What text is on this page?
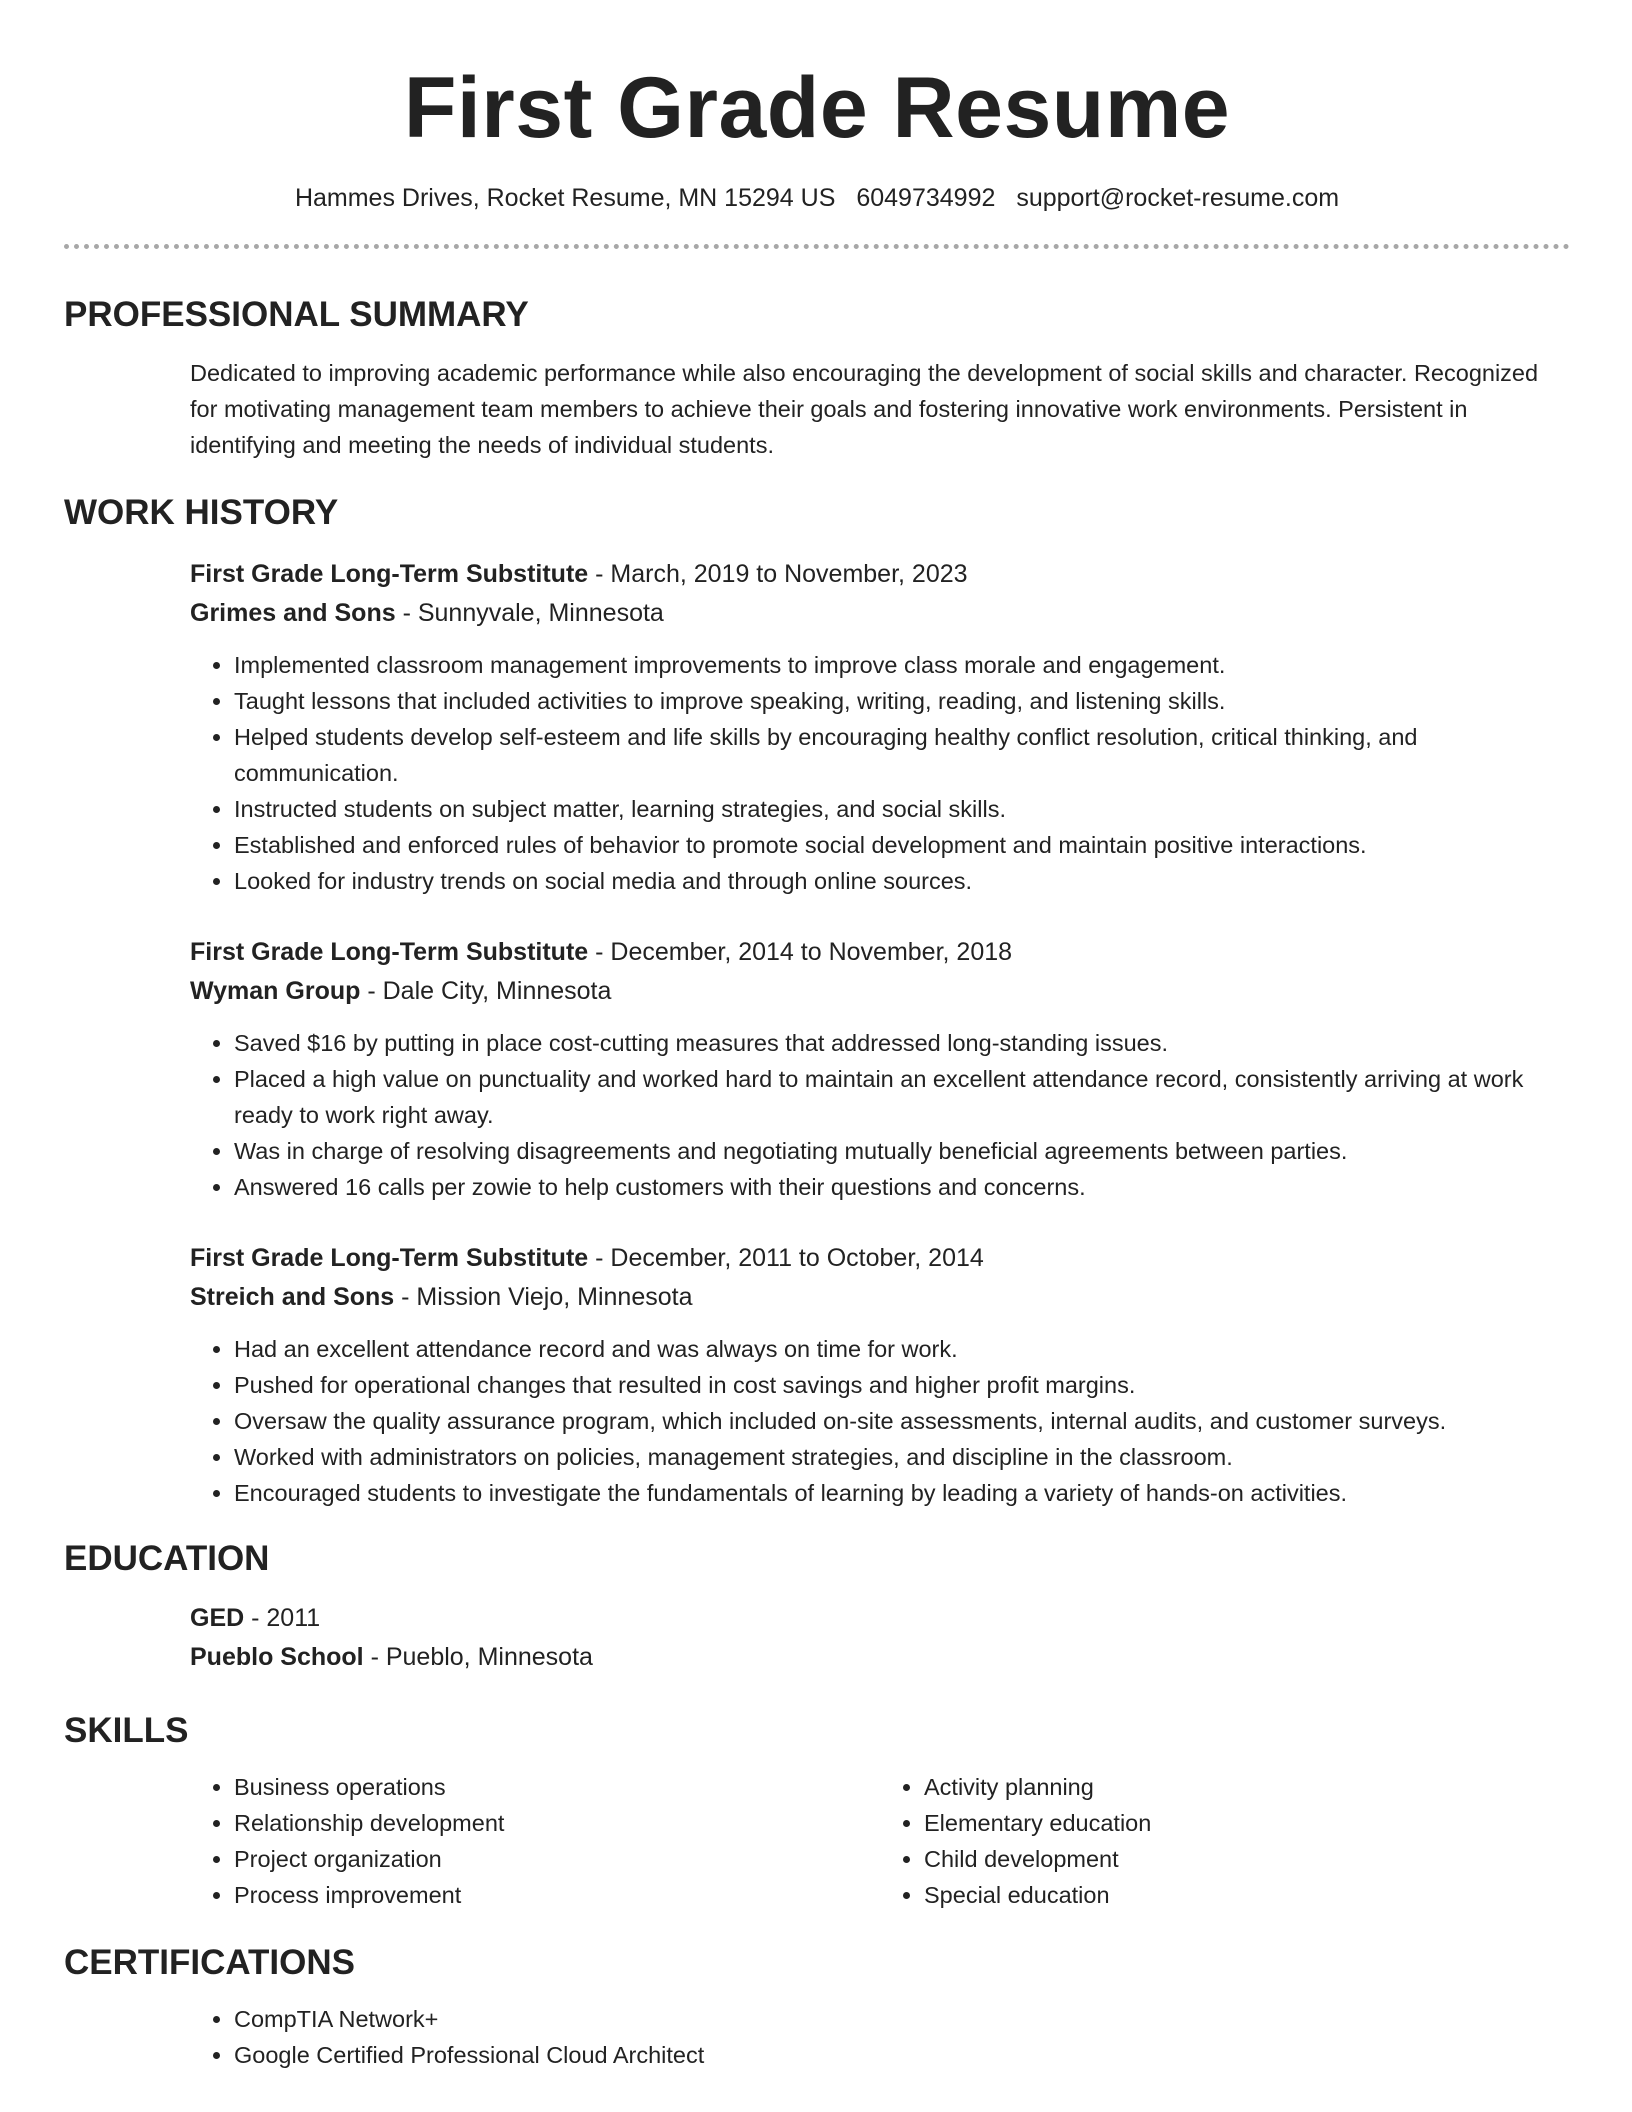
First Grade Resume
Hammes Drives, Rocket Resume, MN 15294 US 6049734992 support@rocket-resume.com
PROFESSIONAL SUMMARY
Dedicated to improving academic performance while also encouraging the development of social skills and character. Recognized for motivating management team members to achieve their goals and fostering innovative work environments. Persistent in identifying and meeting the needs of individual students.
WORK HISTORY
First Grade Long-Term Substitute - March, 2019 to November, 2023
Grimes and Sons - Sunnyvale, Minnesota
• Implemented classroom management improvements to improve class morale and engagement.
• Taught lessons that included activities to improve speaking, writing, reading, and listening skills.
• Helped students develop self-esteem and life skills by encouraging healthy conflict resolution, critical thinking, and communication.
• Instructed students on subject matter, learning strategies, and social skills.
• Established and enforced rules of behavior to promote social development and maintain positive interactions.
• Looked for industry trends on social media and through online sources.
First Grade Long-Term Substitute - December, 2014 to November, 2018
Wyman Group - Dale City, Minnesota
• Saved $16 by putting in place cost-cutting measures that addressed long-standing issues.
• Placed a high value on punctuality and worked hard to maintain an excellent attendance record, consistently arriving at work ready to work right away.
• Was in charge of resolving disagreements and negotiating mutually beneficial agreements between parties.
• Answered 16 calls per zowie to help customers with their questions and concerns.
First Grade Long-Term Substitute - December, 2011 to October, 2014
Streich and Sons - Mission Viejo, Minnesota
• Had an excellent attendance record and was always on time for work.
• Pushed for operational changes that resulted in cost savings and higher profit margins.
• Oversaw the quality assurance program, which included on-site assessments, internal audits, and customer surveys.
• Worked with administrators on policies, management strategies, and discipline in the classroom.
• Encouraged students to investigate the fundamentals of learning by leading a variety of hands-on activities.
EDUCATION
GED - 2011
Pueblo School - Pueblo, Minnesota
SKILLS
• Business operations
• Relationship development
• Project organization
• Process improvement
• Activity planning
• Elementary education
• Child development
• Special education
CERTIFICATIONS
• CompTIA Network+
• Google Certified Professional Cloud Architect
